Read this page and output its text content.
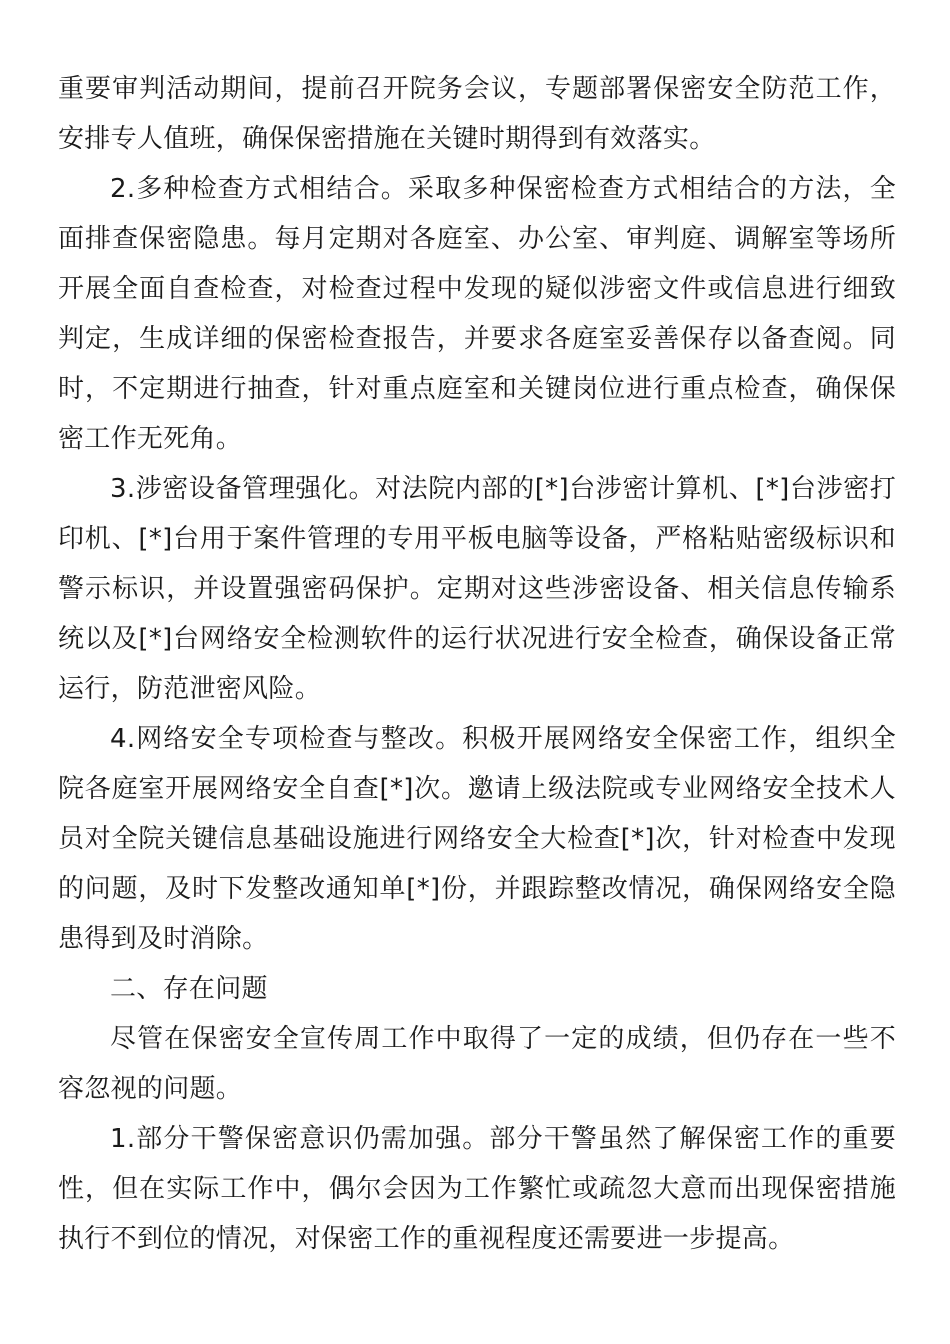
重要审判活动期间，提前召开院务会议，专题部署保密安全防范工作，安排专人值班，确保保密措施在关键时期得到有效落实。

2.多种检查方式相结合。采取多种保密检查方式相结合的方法，全面排查保密隐患。每月定期对各庭室、办公室、审判庭、调解室等场所开展全面自查检查，对检查过程中发现的疑似涉密文件或信息进行细致判定，生成详细的保密检查报告，并要求各庭室妥善保存以备查阅。同时，不定期进行抽查，针对重点庭室和关键岗位进行重点检查，确保保密工作无死角。

3.涉密设备管理强化。对法院内部的[*]台涉密计算机、[*]台涉密打印机、[*]台用于案件管理的专用平板电脑等设备，严格粘贴密级标识和警示标识，并设置强密码保护。定期对这些涉密设备、相关信息传输系统以及[*]台网络安全检测软件的运行状况进行安全检查，确保设备正常运行，防范泄密风险。

4.网络安全专项检查与整改。积极开展网络安全保密工作，组织全院各庭室开展网络安全自查[*]次。邀请上级法院或专业网络安全技术人员对全院关键信息基础设施进行网络安全大检查[*]次，针对检查中发现的问题，及时下发整改通知单[*]份，并跟踪整改情况，确保网络安全隐患得到及时消除。

二、存在问题

尽管在保密安全宣传周工作中取得了一定的成绩，但仍存在一些不容忽视的问题。

1.部分干警保密意识仍需加强。部分干警虽然了解保密工作的重要性，但在实际工作中，偶尔会因为工作繁忙或疏忽大意而出现保密措施执行不到位的情况，对保密工作的重视程度还需要进一步提高。
